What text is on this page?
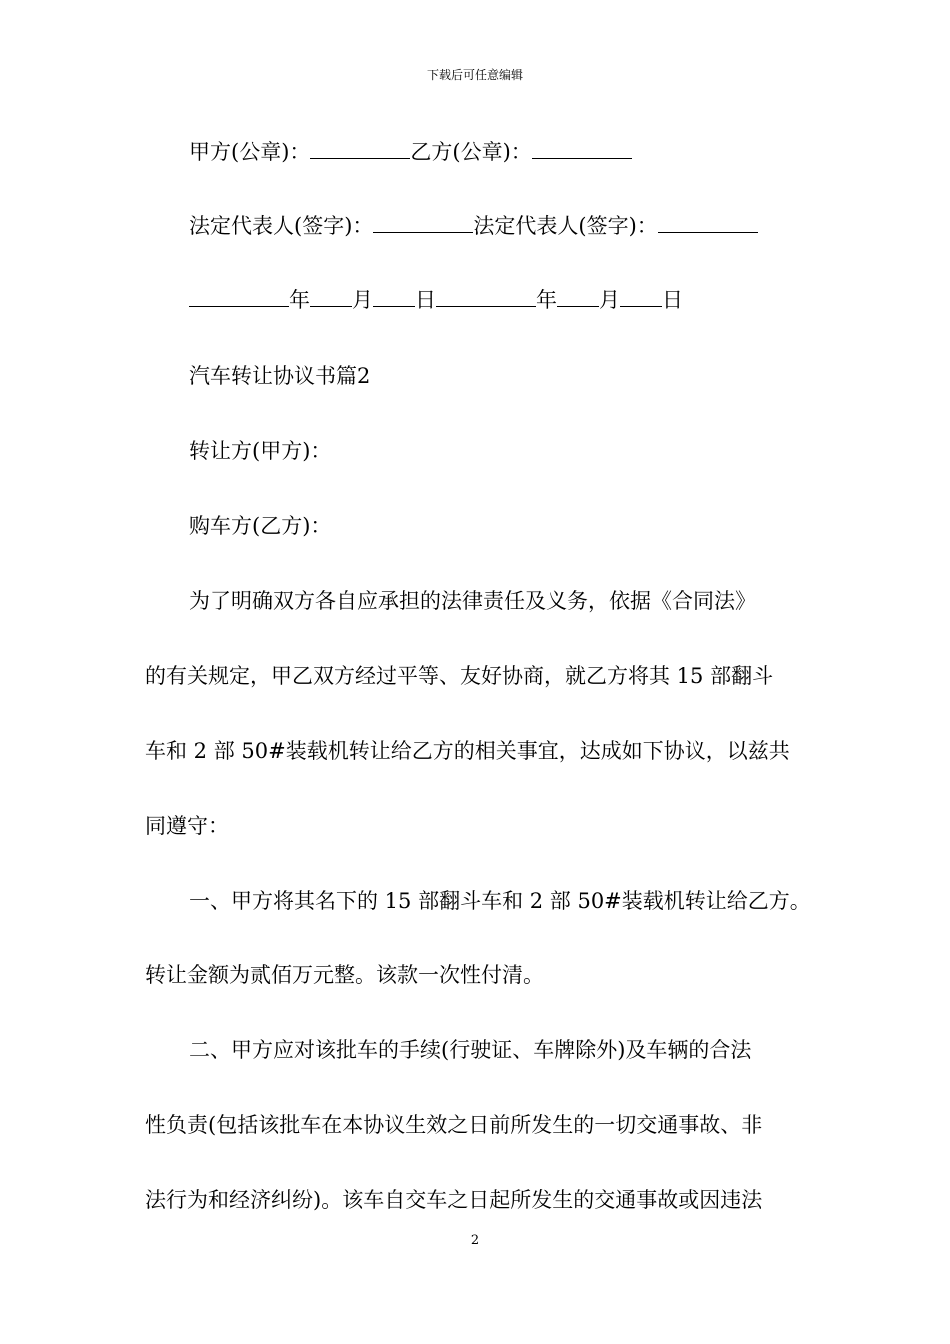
下载后可任意编辑
甲方(公章)：	乙方(公章)：
法定代表人(签字)：	法定代表人(签字)：
年 月 日	年 月 日
汽车转让协议书篇2
转让方(甲方)：
购车方(乙方)：
为了明确双方各自应承担的法律责任及义务，依据《合同法》
的有关规定，甲乙双方经过平等、友好协商，就乙方将其 15 部翻斗
车和 2 部 50#装载机转让给乙方的相关事宜，达成如下协议，以兹共
同遵守：
一、甲方将其名下的 15 部翻斗车和 2 部 50#装载机转让给乙方。
转让金额为贰佰万元整。该款一次性付清。
二、甲方应对该批车的手续(行驶证、车牌除外)及车辆的合法
性负责(包括该批车在本协议生效之日前所发生的一切交通事故、非
法行为和经济纠纷)。该车自交车之日起所发生的交通事故或因违法
2
